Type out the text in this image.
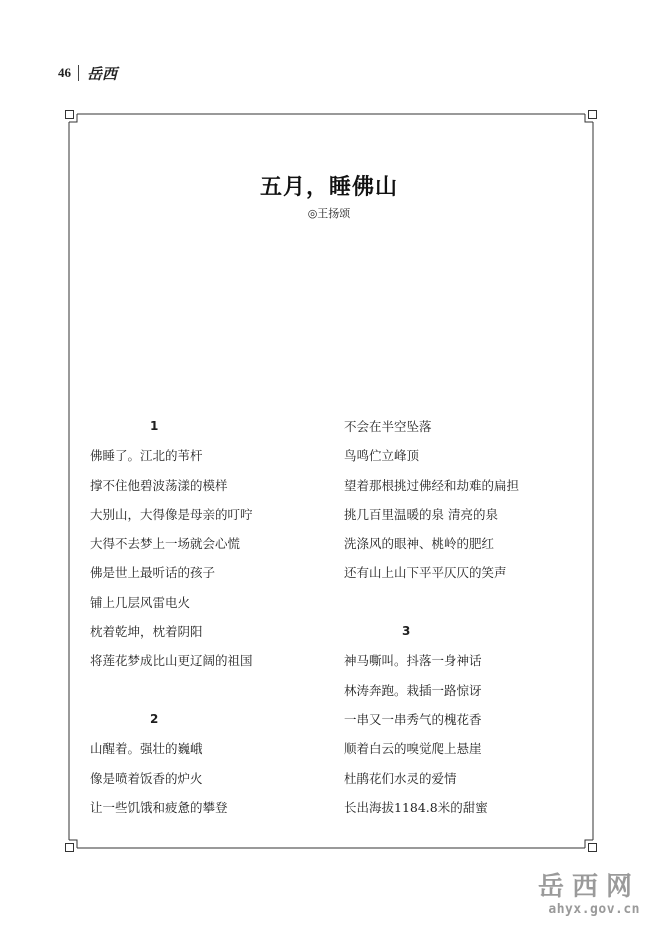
46 岳西
五月，睡佛山
◎王扬颂
1
佛睡了。江北的苇杆
撑不住他碧波荡漾的模样
大别山，大得像是母亲的叮咛
大得不去梦上一场就会心慌
佛是世上最听话的孩子
铺上几层风雷电火
枕着乾坤，枕着阴阳
将莲花梦成比山更辽阔的祖国
2
山醒着。强壮的巍峨
像是喷着饭香的炉火
让一些饥饿和疲惫的攀登
不会在半空坠落
鸟鸣伫立峰顶
望着那根挑过佛经和劫难的扁担
挑几百里温暖的泉 清亮的泉
洗涤风的眼神、桃岭的肥红
还有山上山下平平仄仄的笑声
3
神马嘶叫。抖落一身神话
林涛奔跑。栽插一路惊讶
一串又一串秀气的槐花香
顺着白云的嗅觉爬上悬崖
杜鹃花们水灵的爱情
长出海拔1184.8米的甜蜜
岳西网
ahyx.gov.cn
